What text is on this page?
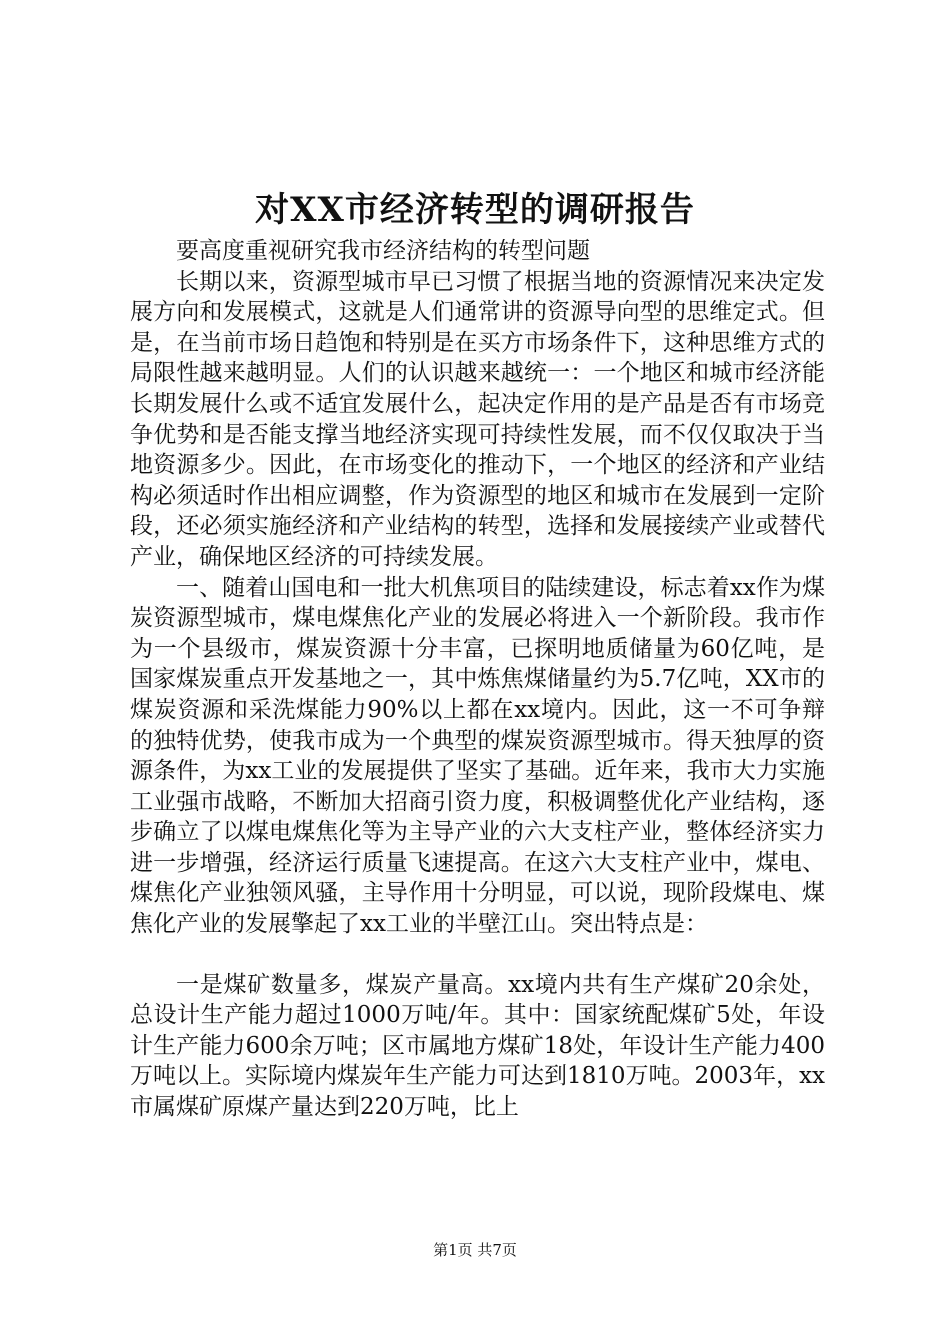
对XX市经济转型的调研报告

要高度重视研究我市经济结构的转型问题

长期以来，资源型城市早已习惯了根据当地的资源情况来决定发展方向和发展模式，这就是人们通常讲的资源导向型的思维定式。但是，在当前市场日趋饱和特别是在买方市场条件下，这种思维方式的局限性越来越明显。人们的认识越来越统一：一个地区和城市经济能长期发展什么或不适宜发展什么，起决定作用的是产品是否有市场竞争优势和是否能支撑当地经济实现可持续性发展，而不仅仅取决于当地资源多少。因此，在市场变化的推动下，一个地区的经济和产业结构必须适时作出相应调整，作为资源型的地区和城市在发展到一定阶段，还必须实施经济和产业结构的转型，选择和发展接续产业或替代产业，确保地区经济的可持续发展。

一、随着山国电和一批大机焦项目的陆续建设，标志着xx作为煤炭资源型城市，煤电煤焦化产业的发展必将进入一个新阶段。我市作为一个县级市，煤炭资源十分丰富，已探明地质储量为60亿吨，是国家煤炭重点开发基地之一，其中炼焦煤储量约为5.7亿吨，XX市的煤炭资源和采洗煤能力90%以上都在xx境内。因此，这一不可争辩的独特优势，使我市成为一个典型的煤炭资源型城市。得天独厚的资源条件，为xx工业的发展提供了坚实了基础。近年来，我市大力实施工业强市战略，不断加大招商引资力度，积极调整优化产业结构，逐步确立了以煤电煤焦化等为主导产业的六大支柱产业，整体经济实力进一步增强，经济运行质量飞速提高。在这六大支柱产业中，煤电、煤焦化产业独领风骚，主导作用十分明显，可以说，现阶段煤电、煤焦化产业的发展擎起了xx工业的半壁江山。突出特点是：

一是煤矿数量多，煤炭产量高。xx境内共有生产煤矿20余处，总设计生产能力超过1000万吨/年。其中：国家统配煤矿5处，年设计生产能力600余万吨；区市属地方煤矿18处，年设计生产能力400万吨以上。实际境内煤炭年生产能力可达到1810万吨。2003年，xx市属煤矿原煤产量达到220万吨，比上

第1页 共7页
